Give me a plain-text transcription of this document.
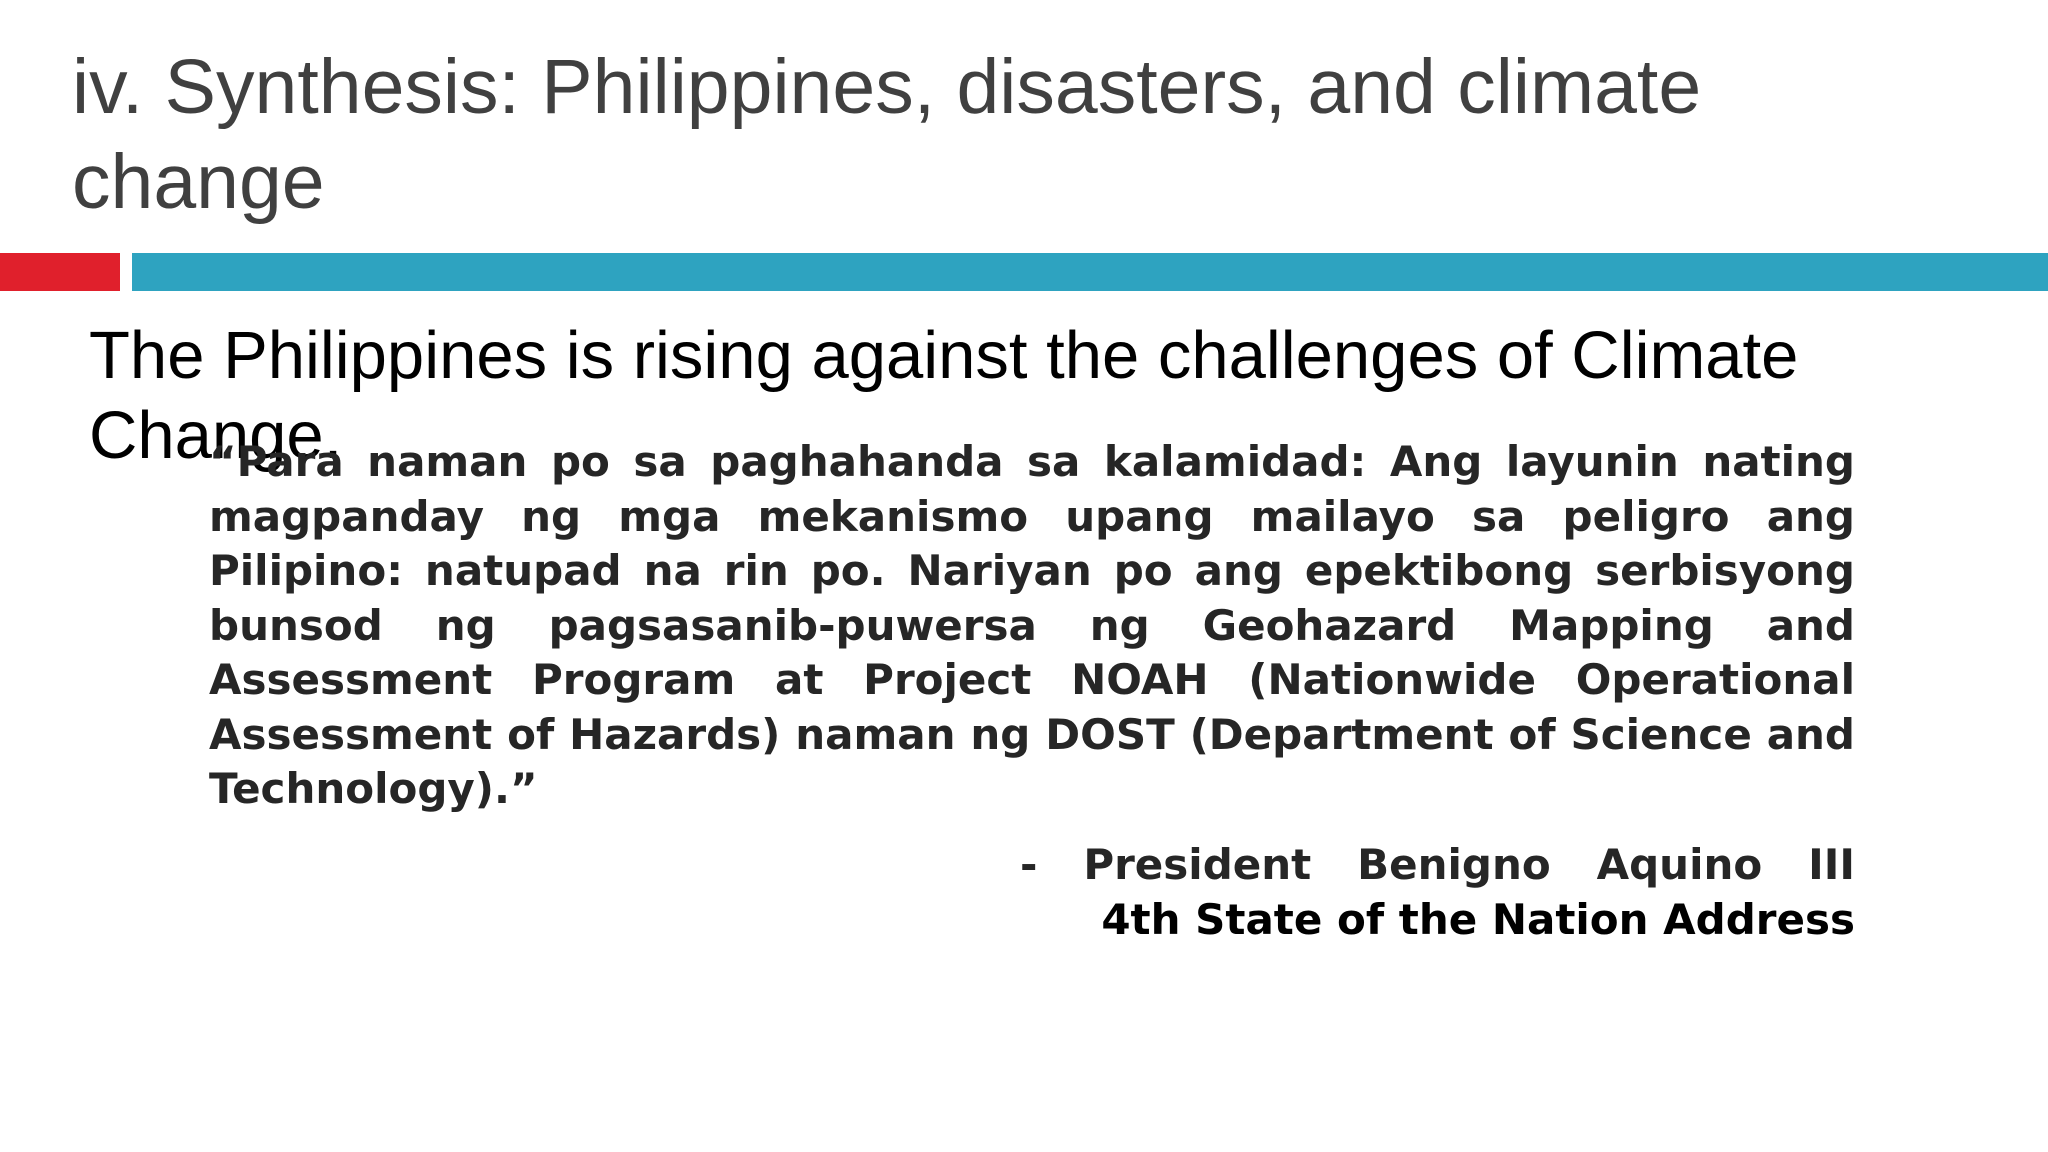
iv. Synthesis: Philippines, disasters, and climate change

The Philippines is rising against the challenges of Climate Change.

“Para naman po sa paghahanda sa kalamidad: Ang layunin nating magpanday ng mga mekanismo upang mailayo sa peligro ang Pilipino: natupad na rin po. Nariyan po ang epektibong serbisyong bunsod ng pagsasanib-puwersa ng Geohazard Mapping and Assessment Program at Project NOAH (Nationwide Operational Assessment of Hazards) naman ng DOST (Department of Science and Technology).”

- President Benigno Aquino III
4th State of the Nation Address
